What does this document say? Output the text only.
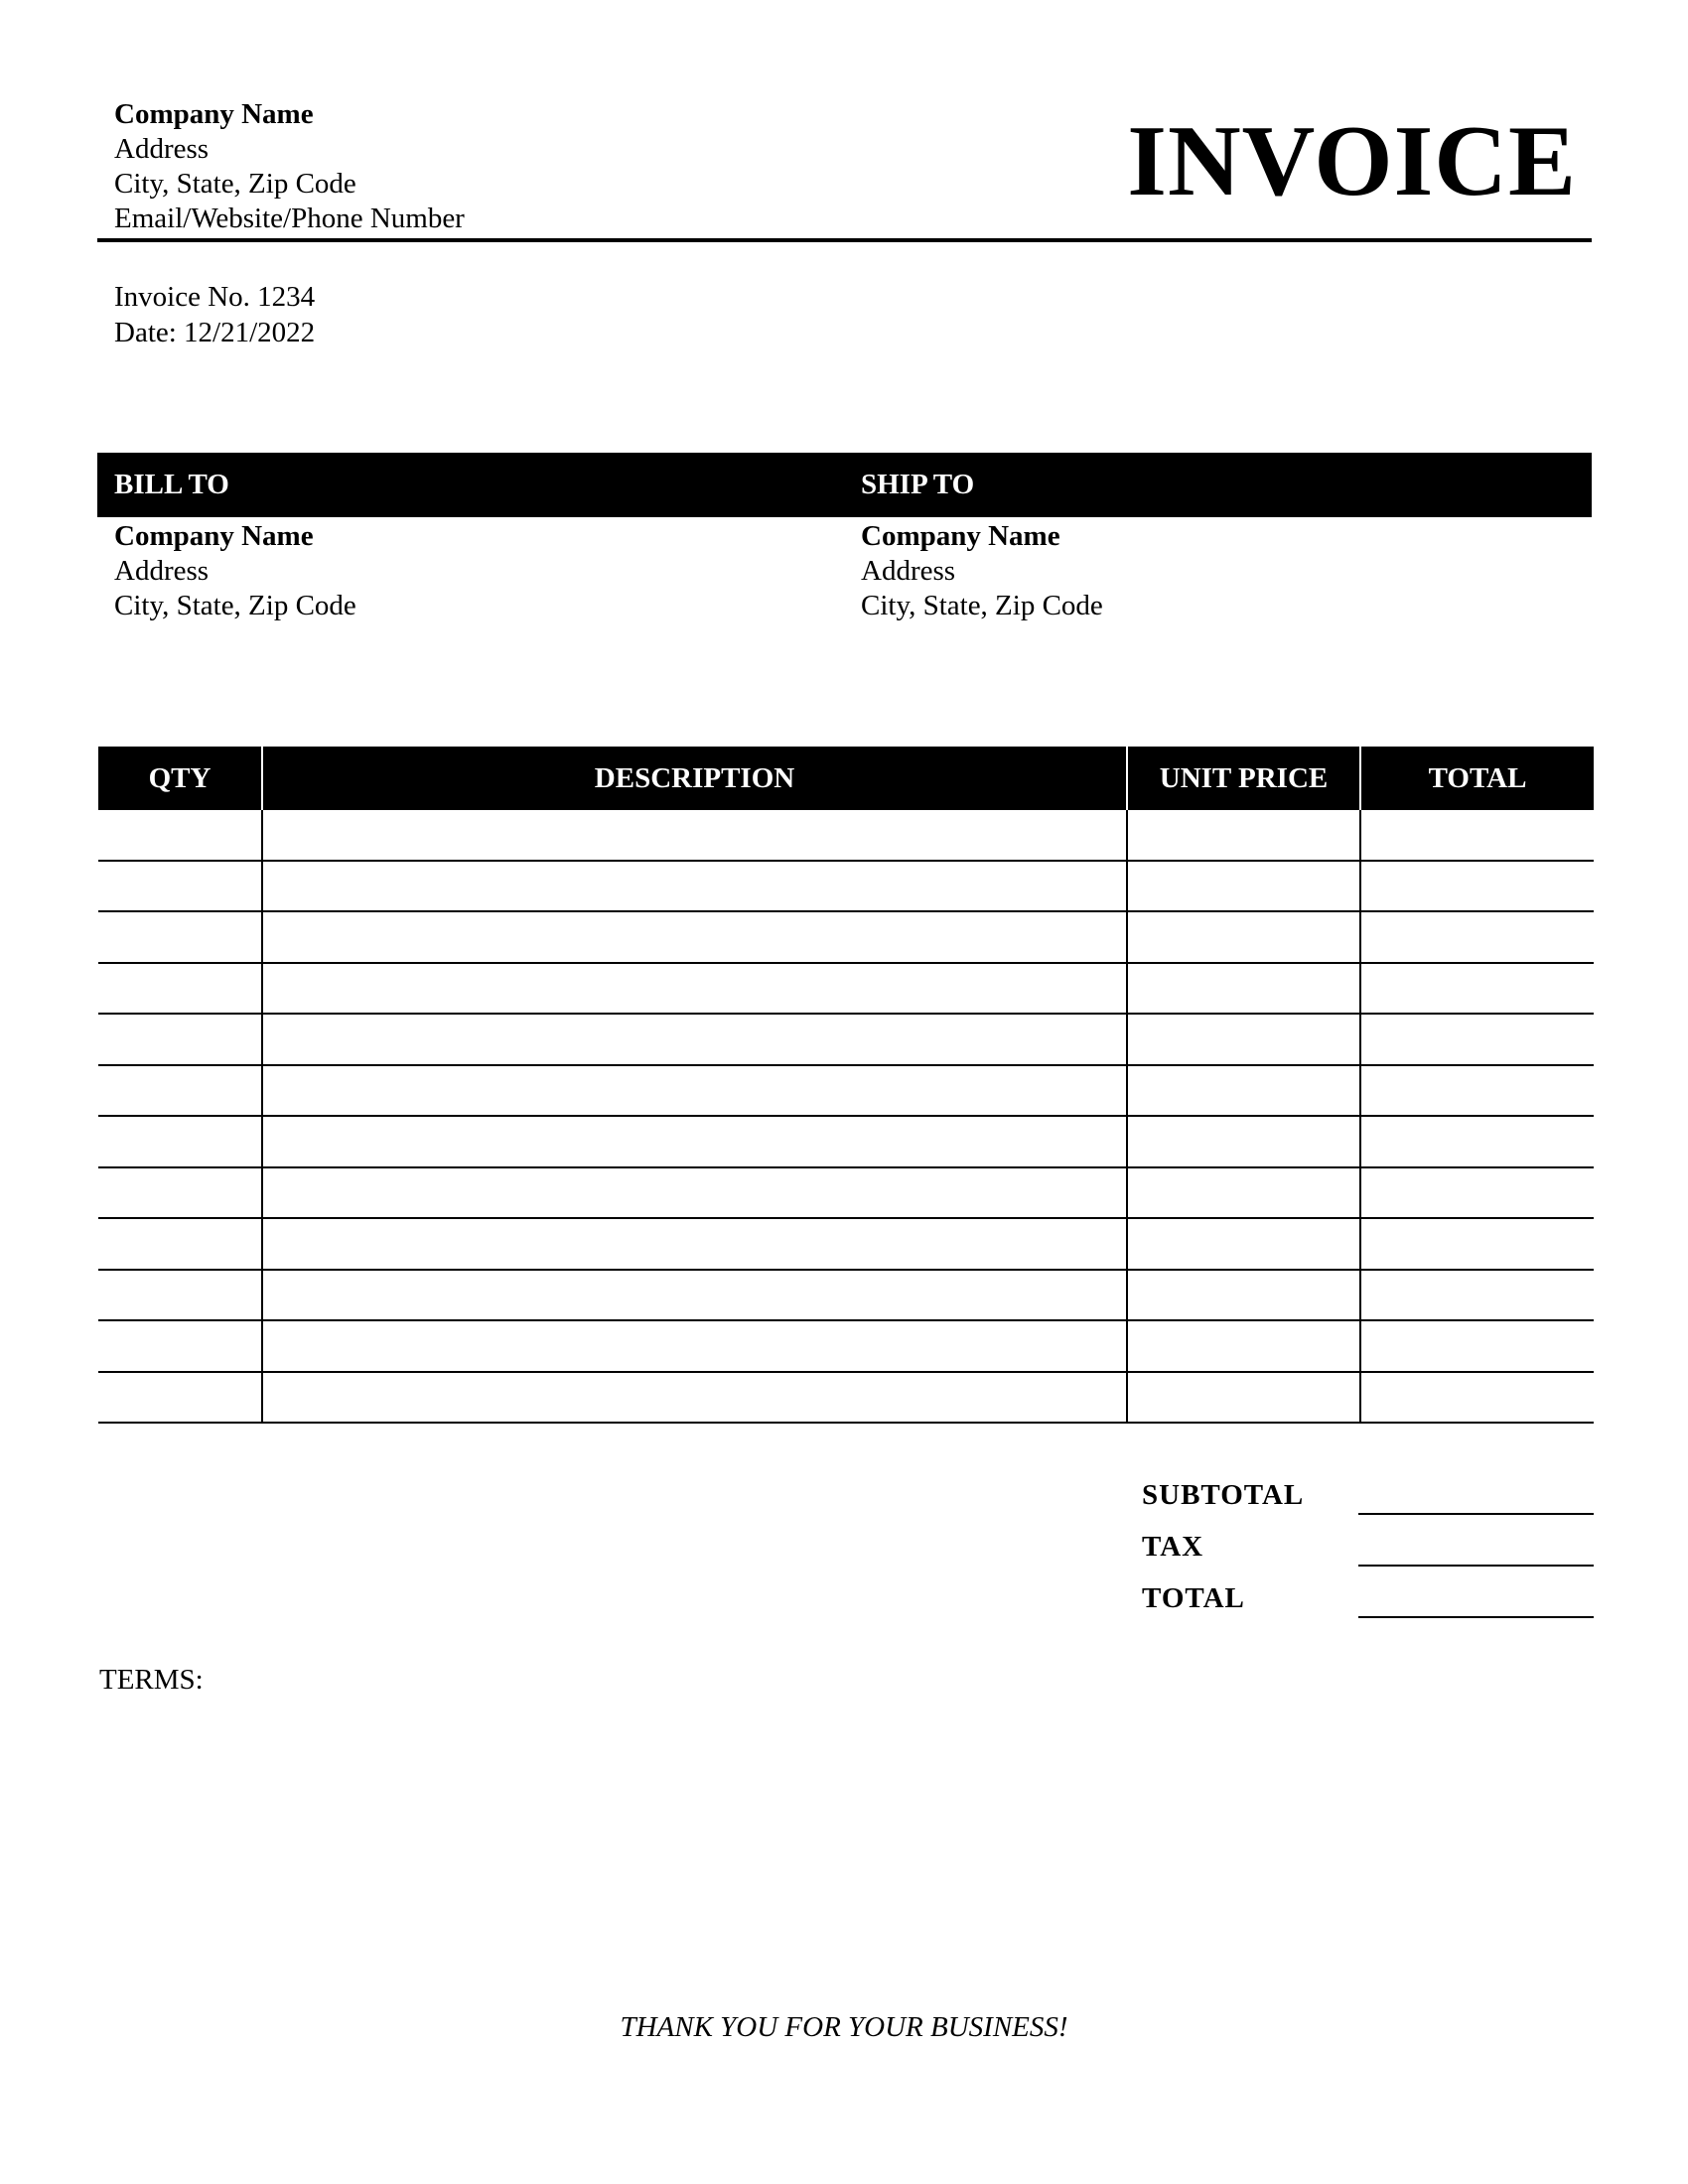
Company Name
Address
City, State, Zip Code
Email/Website/Phone Number
INVOICE
Invoice No. 1234
Date: 12/21/2022
BILL TO	SHIP TO
Company Name
Address
City, State, Zip Code
Company Name
Address
City, State, Zip Code
QTY	DESCRIPTION	UNIT PRICE	TOTAL

SUBTOTAL
TAX
TOTAL
TERMS:
THANK YOU FOR YOUR BUSINESS!
